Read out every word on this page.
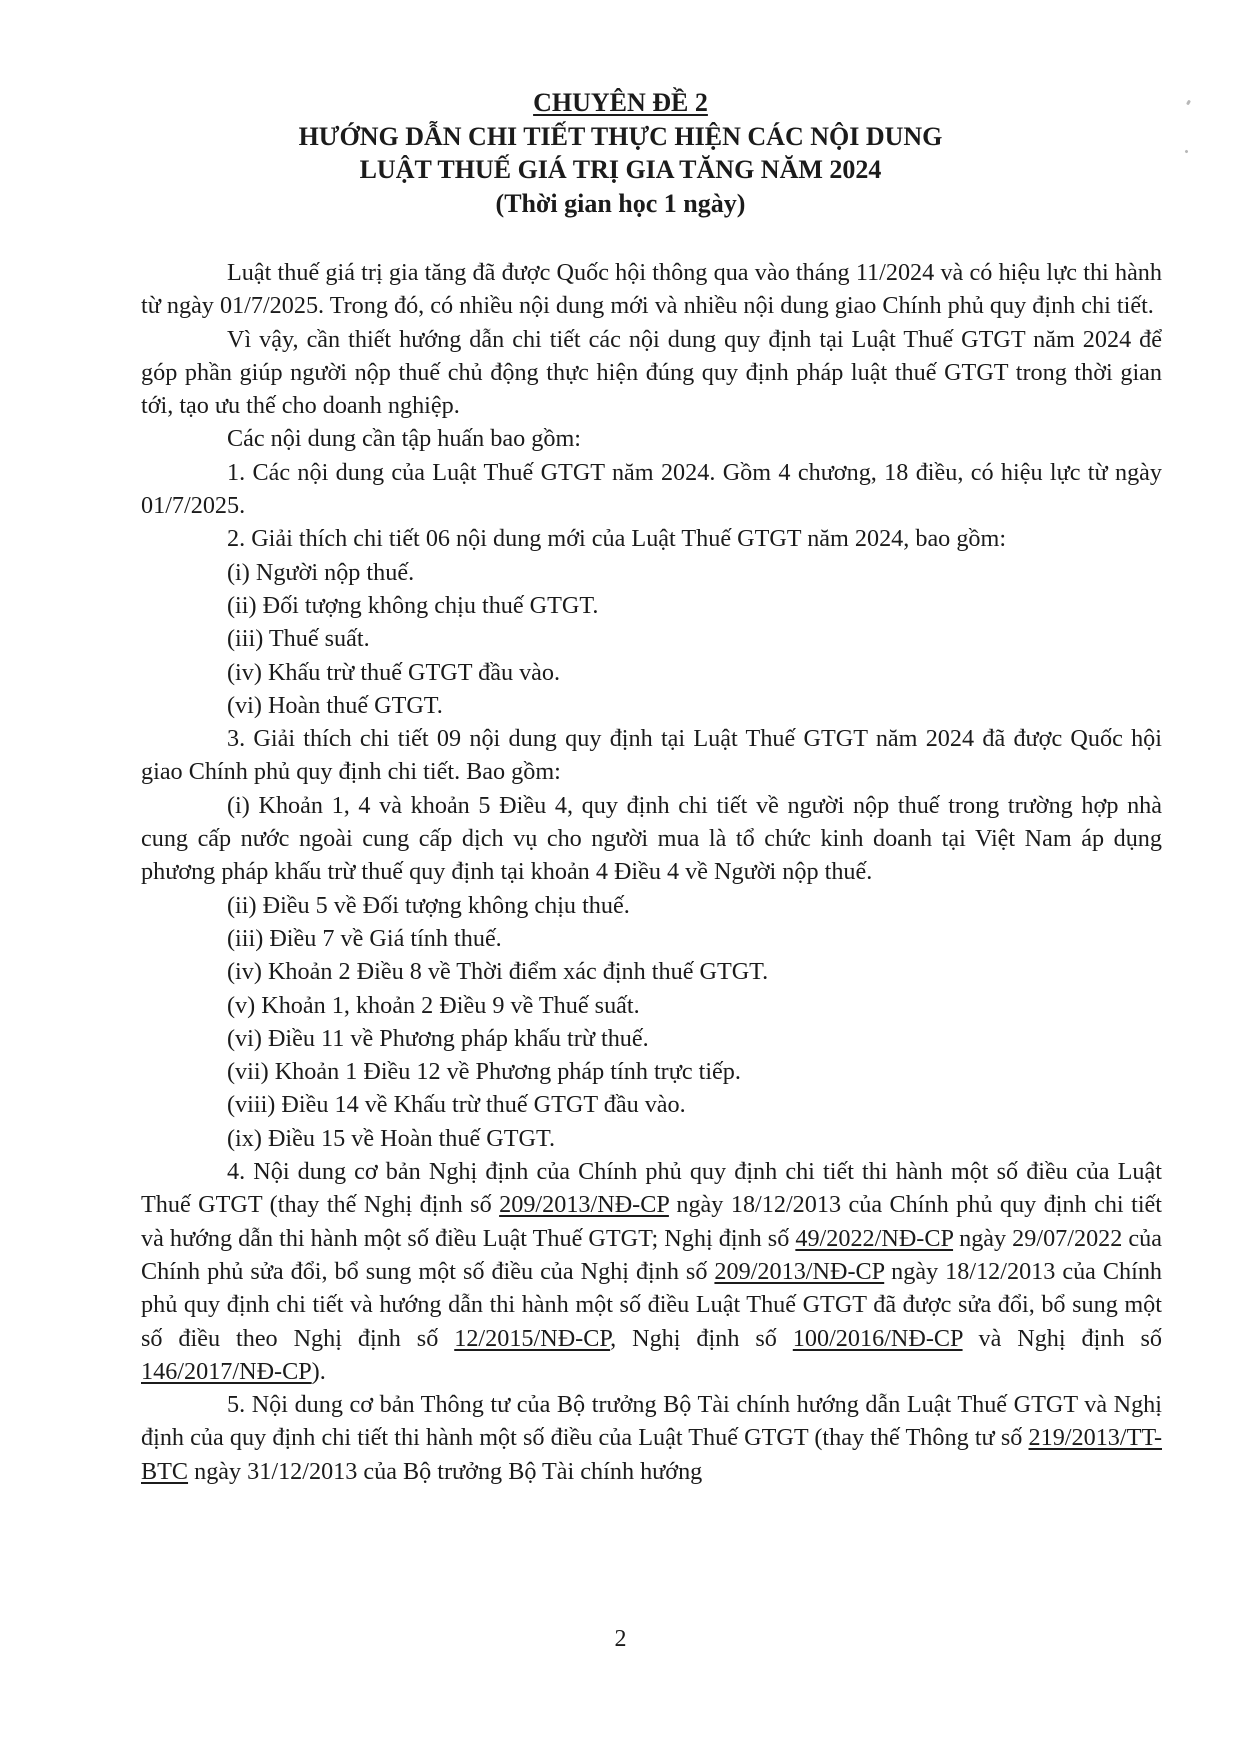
CHUYÊN ĐỀ 2
HƯỚNG DẪN CHI TIẾT THỰC HIỆN CÁC NỘI DUNG
LUẬT THUẾ GIÁ TRỊ GIA TĂNG NĂM 2024
(Thời gian học 1 ngày)

Luật thuế giá trị gia tăng đã được Quốc hội thông qua vào tháng 11/2024 và có hiệu lực thi hành từ ngày 01/7/2025. Trong đó, có nhiều nội dung mới và nhiều nội dung giao Chính phủ quy định chi tiết.

Vì vậy, cần thiết hướng dẫn chi tiết các nội dung quy định tại Luật Thuế GTGT năm 2024 để góp phần giúp người nộp thuế chủ động thực hiện đúng quy định pháp luật thuế GTGT trong thời gian tới, tạo ưu thế cho doanh nghiệp.

Các nội dung cần tập huấn bao gồm:

1. Các nội dung của Luật Thuế GTGT năm 2024. Gồm 4 chương, 18 điều, có hiệu lực từ ngày 01/7/2025.

2. Giải thích chi tiết 06 nội dung mới của Luật Thuế GTGT năm 2024, bao gồm:

(i) Người nộp thuế.

(ii) Đối tượng không chịu thuế GTGT.

(iii) Thuế suất.

(iv) Khấu trừ thuế GTGT đầu vào.

(vi) Hoàn thuế GTGT.

3. Giải thích chi tiết 09 nội dung quy định tại Luật Thuế GTGT năm 2024 đã được Quốc hội giao Chính phủ quy định chi tiết. Bao gồm:

(i) Khoản 1, 4 và khoản 5 Điều 4, quy định chi tiết về người nộp thuế trong trường hợp nhà cung cấp nước ngoài cung cấp dịch vụ cho người mua là tổ chức kinh doanh tại Việt Nam áp dụng phương pháp khấu trừ thuế quy định tại khoản 4 Điều 4 về Người nộp thuế.

(ii) Điều 5 về Đối tượng không chịu thuế.

(iii) Điều 7 về Giá tính thuế.

(iv) Khoản 2 Điều 8 về Thời điểm xác định thuế GTGT.

(v) Khoản 1, khoản 2 Điều 9 về Thuế suất.

(vi) Điều 11 về Phương pháp khấu trừ thuế.

(vii) Khoản 1 Điều 12 về Phương pháp tính trực tiếp.

(viii) Điều 14 về Khấu trừ thuế GTGT đầu vào.

(ix) Điều 15 về Hoàn thuế GTGT.

4. Nội dung cơ bản Nghị định của Chính phủ quy định chi tiết thi hành một số điều của Luật Thuế GTGT (thay thế Nghị định số 209/2013/NĐ-CP ngày 18/12/2013 của Chính phủ quy định chi tiết và hướng dẫn thi hành một số điều Luật Thuế GTGT; Nghị định số 49/2022/NĐ-CP ngày 29/07/2022 của Chính phủ sửa đổi, bổ sung một số điều của Nghị định số 209/2013/NĐ-CP ngày 18/12/2013 của Chính phủ quy định chi tiết và hướng dẫn thi hành một số điều Luật Thuế GTGT đã được sửa đổi, bổ sung một số điều theo Nghị định số 12/2015/NĐ-CP, Nghị định số 100/2016/NĐ-CP và Nghị định số 146/2017/NĐ-CP).

5. Nội dung cơ bản Thông tư của Bộ trưởng Bộ Tài chính hướng dẫn Luật Thuế GTGT và Nghị định của quy định chi tiết thi hành một số điều của Luật Thuế GTGT (thay thế Thông tư số 219/2013/TT-BTC ngày 31/12/2013 của Bộ trưởng Bộ Tài chính hướng

2
